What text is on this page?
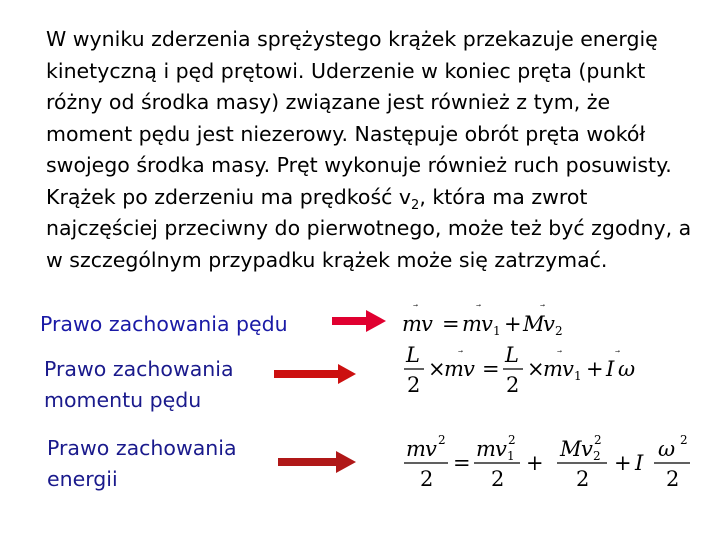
W wyniku zderzenia sprężystego krążek przekazuje energię
kinetyczną i pęd prętowi. Uderzenie w koniec pręta (punkt
różny od środka masy) związane jest również z tym, że
moment pędu jest niezerowy. Następuje obrót pręta wokół
swojego środka masy. Pręt wykonuje również ruch posuwisty.
Krążek po zderzeniu ma prędkość $v_2$, która ma zwrot
najczęściej przeciwny do pierwotnego, może też być zgodny, a
w szczególnym przypadku krążek może się zatrzymać.
Prawo zachowania pędu
Prawo zachowania
momentu pędu
Prawo zachowania
energii
m v = m v 1 + M
v 2
L
2
×
m v =
L
2
×
m v 1 + I ω
m v 2
2
=
m v 1
2
2
+
M v 2
2
2
+ I
ω 2
2
